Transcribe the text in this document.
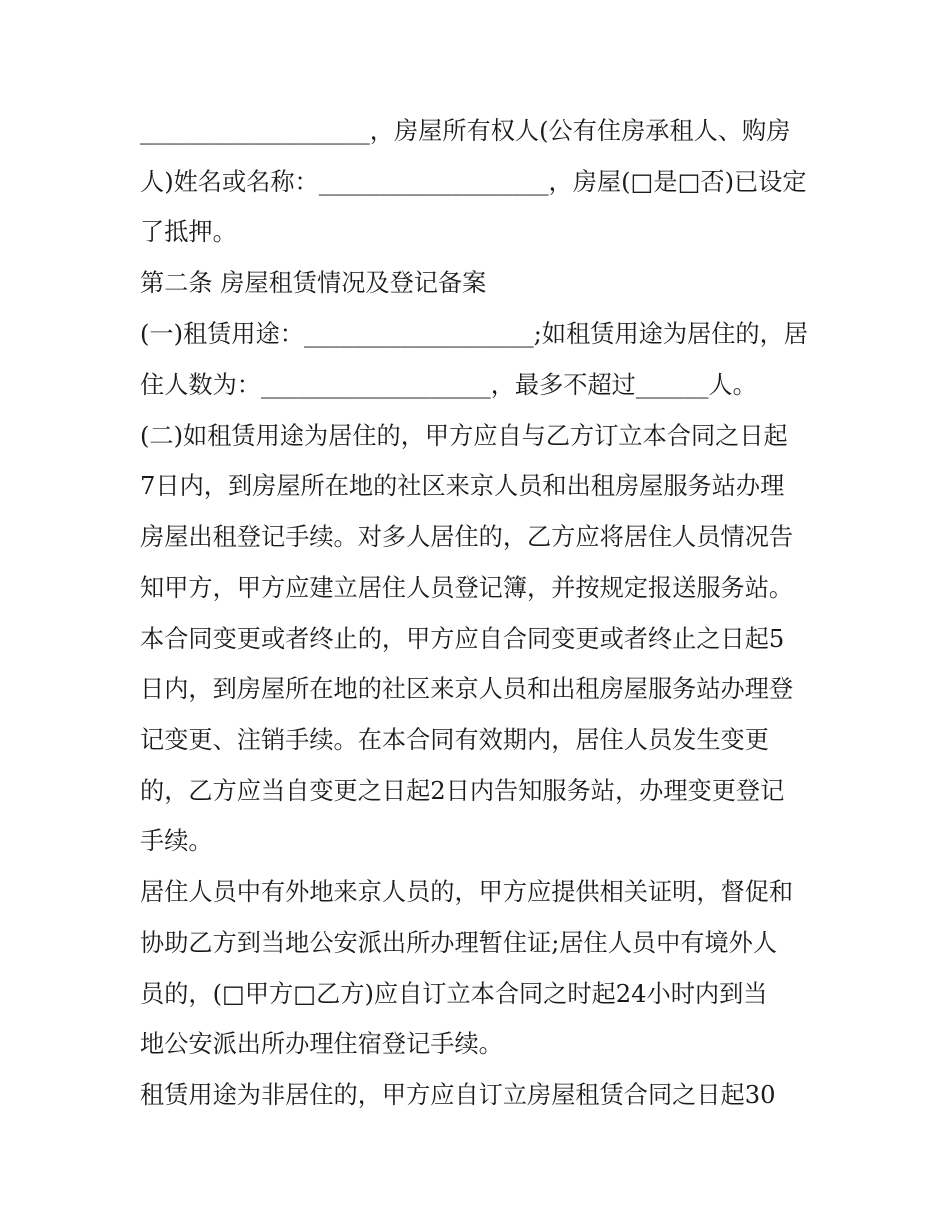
___________________，房屋所有权人(公有住房承租人、购房
人)姓名或名称：___________________，房屋(□是□否)已设定
了抵押。
第二条 房屋租赁情况及登记备案
(一)租赁用途：___________________;如租赁用途为居住的，居
住人数为：___________________，最多不超过______人。
(二)如租赁用途为居住的，甲方应自与乙方订立本合同之日起
7日内，到房屋所在地的社区来京人员和出租房屋服务站办理
房屋出租登记手续。对多人居住的，乙方应将居住人员情况告
知甲方，甲方应建立居住人员登记簿，并按规定报送服务站。
本合同变更或者终止的，甲方应自合同变更或者终止之日起5
日内，到房屋所在地的社区来京人员和出租房屋服务站办理登
记变更、注销手续。在本合同有效期内，居住人员发生变更
的，乙方应当自变更之日起2日内告知服务站，办理变更登记
手续。
居住人员中有外地来京人员的，甲方应提供相关证明，督促和
协助乙方到当地公安派出所办理暂住证;居住人员中有境外人
员的，(□甲方□乙方)应自订立本合同之时起24小时内到当
地公安派出所办理住宿登记手续。
租赁用途为非居住的，甲方应自订立房屋租赁合同之日起30
